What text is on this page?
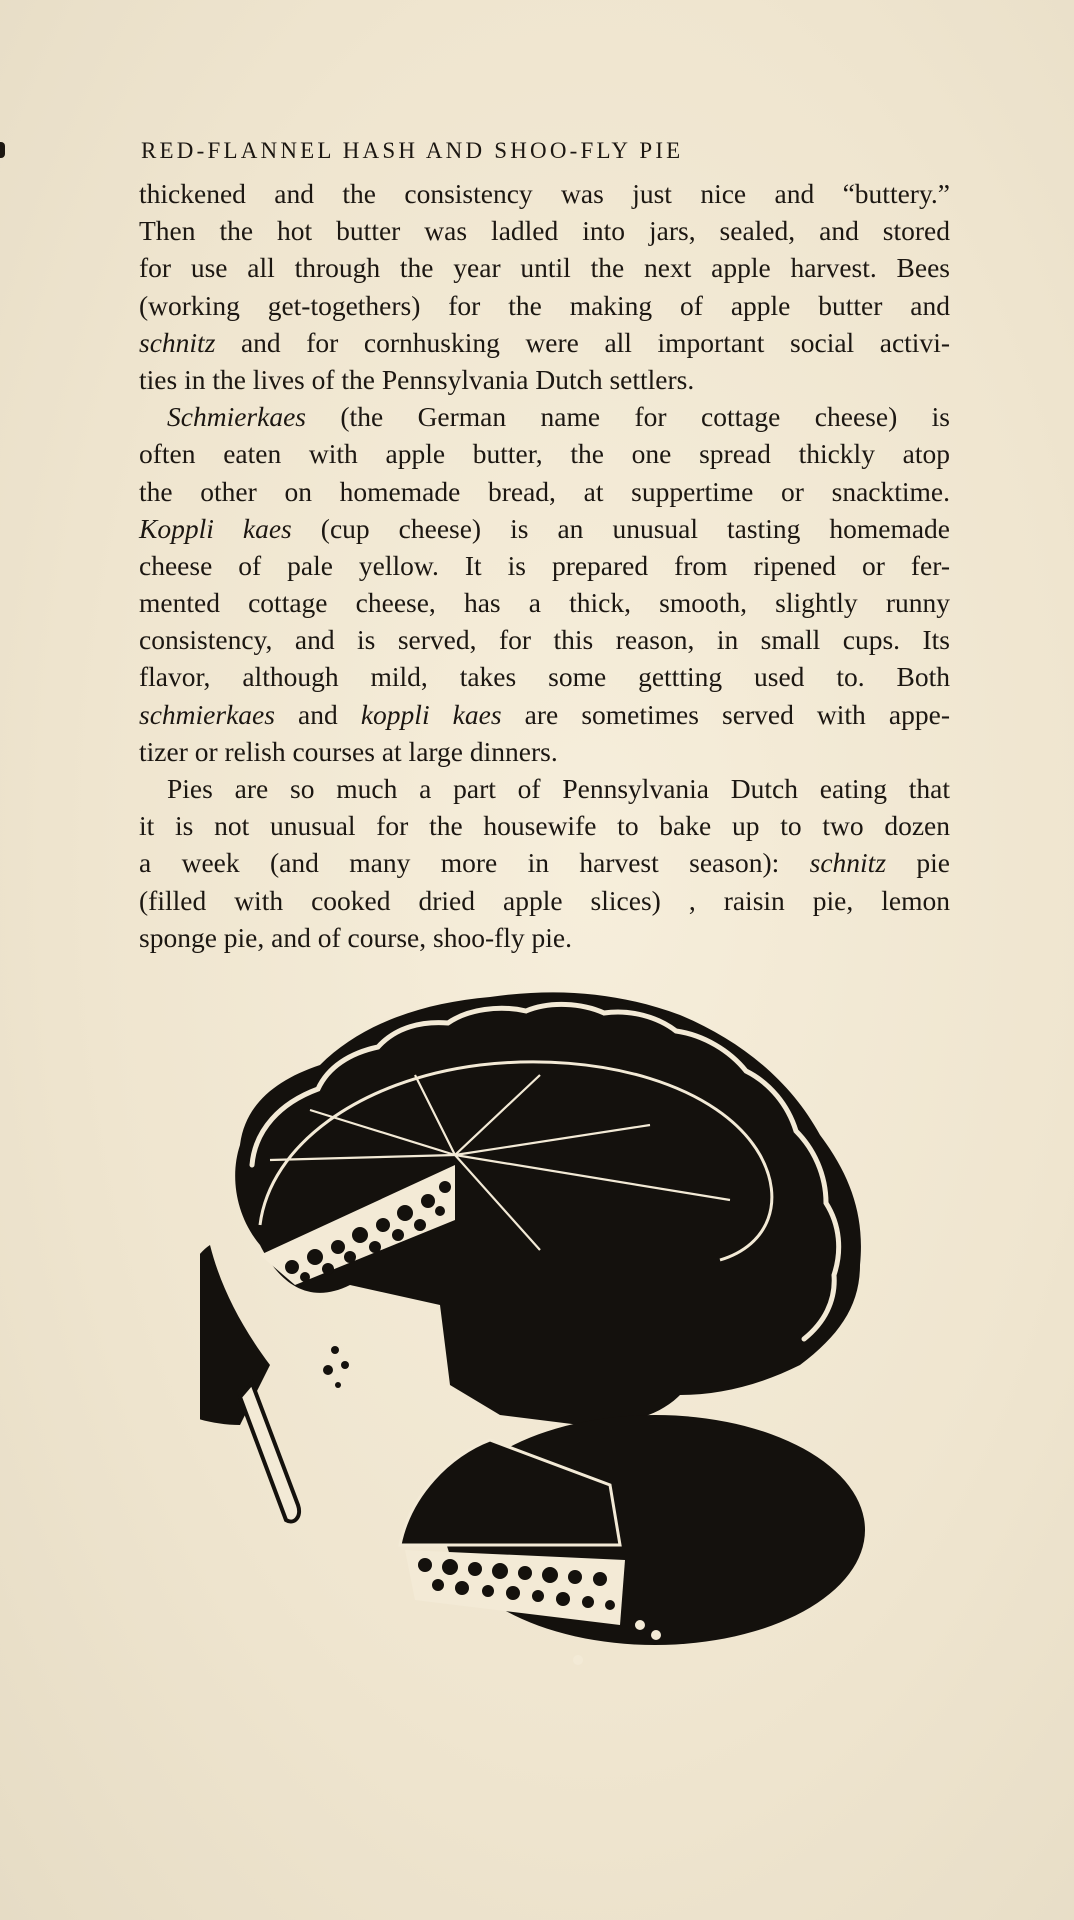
RED-FLANNEL HASH AND SHOO-FLY PIE
thickened and the consistency was just nice and “buttery.”
Then the hot butter was ladled into jars, sealed, and stored
for use all through the year until the next apple harvest. Bees
(working get-togethers) for the making of apple butter and
schnitz and for cornhusking were all important social activi-
ties in the lives of the Pennsylvania Dutch settlers.
Schmierkaes (the German name for cottage cheese) is
often eaten with apple butter, the one spread thickly atop
the other on homemade bread, at suppertime or snacktime.
Koppli kaes (cup cheese) is an unusual tasting homemade
cheese of pale yellow. It is prepared from ripened or fer-
mented cottage cheese, has a thick, smooth, slightly runny
consistency, and is served, for this reason, in small cups. Its
flavor, although mild, takes some gettting used to. Both
schmierkaes and koppli kaes are sometimes served with appe-
tizer or relish courses at large dinners.
Pies are so much a part of Pennsylvania Dutch eating that
it is not unusual for the housewife to bake up to two dozen
a week (and many more in harvest season): schnitz pie
(filled with cooked dried apple slices) , raisin pie, lemon
sponge pie, and of course, shoo-fly pie.
